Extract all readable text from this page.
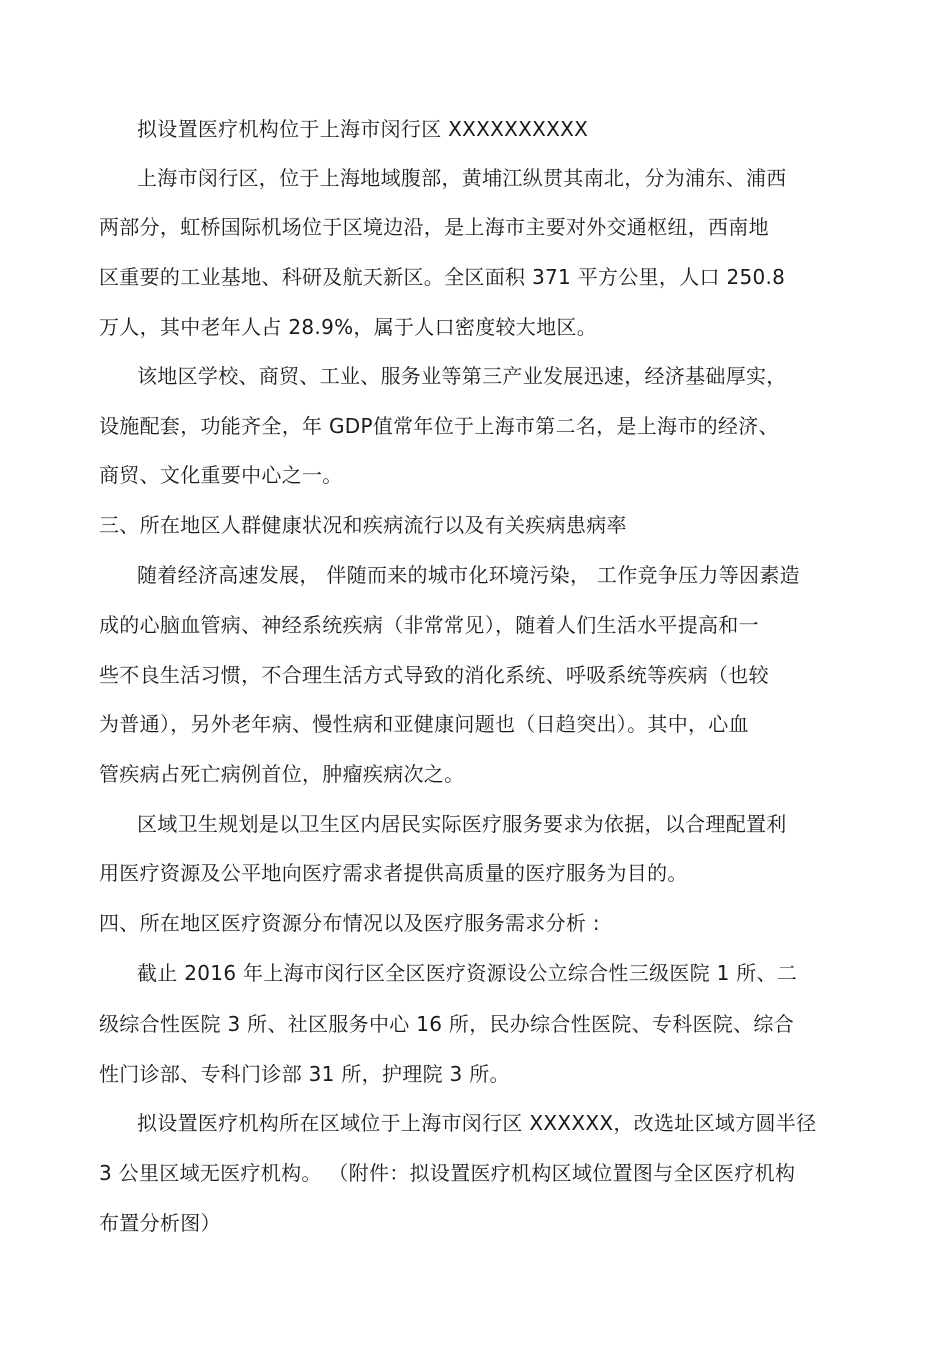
拟设置医疗机构位于上海市闵行区 XXXXXXXXXX
上海市闵行区，位于上海地域腹部，黄埔江纵贯其南北，分为浦东、浦西
两部分，虹桥国际机场位于区境边沿，是上海市主要对外交通枢纽，西南地
区重要的工业基地、科研及航天新区。全区面积 371 平方公里，人口 250.8
万人，其中老年人占 28.9%，属于人口密度较大地区。
该地区学校、商贸、工业、服务业等第三产业发展迅速，经济基础厚实，
设施配套，功能齐全，年 GDP值常年位于上海市第二名，是上海市的经济、
商贸、文化重要中心之一。
三、所在地区人群健康状况和疾病流行以及有关疾病患病率
随着经济高速发展， 伴随而来的城市化环境污染， 工作竞争压力等因素造
成的心脑血管病、神经系统疾病（非常常见），随着人们生活水平提高和一
些不良生活习惯，不合理生活方式导致的消化系统、呼吸系统等疾病（也较
为普通），另外老年病、慢性病和亚健康问题也（日趋突出）。其中，心血
管疾病占死亡病例首位，肿瘤疾病次之。
区域卫生规划是以卫生区内居民实际医疗服务要求为依据，以合理配置利
用医疗资源及公平地向医疗需求者提供高质量的医疗服务为目的。
四、所在地区医疗资源分布情况以及医疗服务需求分析 :
截止 2016 年上海市闵行区全区医疗资源设公立综合性三级医院 1 所、二
级综合性医院 3 所、社区服务中心 16 所，民办综合性医院、专科医院、综合
性门诊部、专科门诊部 31 所，护理院 3 所。
拟设置医疗机构所在区域位于上海市闵行区 XXXXXX，改选址区域方圆半径
3 公里区域无医疗机构。 （附件：拟设置医疗机构区域位置图与全区医疗机构
布置分析图）
